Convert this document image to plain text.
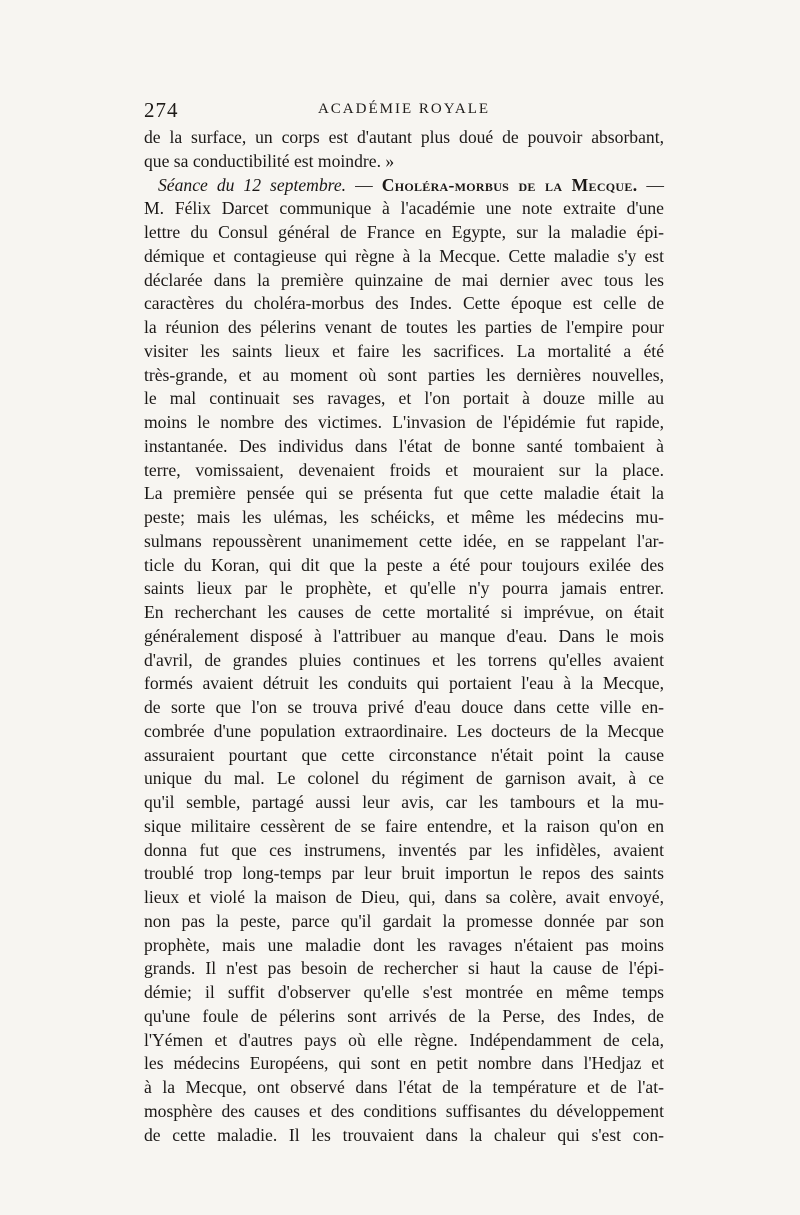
274	ACADÉMIE ROYALE
de la surface, un corps est d'autant plus doué de pouvoir absorbant,
que sa conductibilité est moindre. »
Séance du 12 septembre. — Choléra-morbus de la Mecque. —
M. Félix Darcet communique à l'académie une note extraite d'une
lettre du Consul général de France en Egypte, sur la maladie épi-
démique et contagieuse qui règne à la Mecque. Cette maladie s'y est
déclarée dans la première quinzaine de mai dernier avec tous les
caractères du choléra-morbus des Indes. Cette époque est celle de
la réunion des pélerins venant de toutes les parties de l'empire pour
visiter les saints lieux et faire les sacrifices. La mortalité a été
très-grande, et au moment où sont parties les dernières nouvelles,
le mal continuait ses ravages, et l'on portait à douze mille au
moins le nombre des victimes. L'invasion de l'épidémie fut rapide,
instantanée. Des individus dans l'état de bonne santé tombaient à
terre, vomissaient, devenaient froids et mouraient sur la place.
La première pensée qui se présenta fut que cette maladie était la
peste; mais les ulémas, les schéicks, et même les médecins mu-
sulmans repoussèrent unanimement cette idée, en se rappelant l'ar-
ticle du Koran, qui dit que la peste a été pour toujours exilée des
saints lieux par le prophète, et qu'elle n'y pourra jamais entrer.
En recherchant les causes de cette mortalité si imprévue, on était
généralement disposé à l'attribuer au manque d'eau. Dans le mois
d'avril, de grandes pluies continues et les torrens qu'elles avaient
formés avaient détruit les conduits qui portaient l'eau à la Mecque,
de sorte que l'on se trouva privé d'eau douce dans cette ville en-
combrée d'une population extraordinaire. Les docteurs de la Mecque
assuraient pourtant que cette circonstance n'était point la cause
unique du mal. Le colonel du régiment de garnison avait, à ce
qu'il semble, partagé aussi leur avis, car les tambours et la mu-
sique militaire cessèrent de se faire entendre, et la raison qu'on en
donna fut que ces instrumens, inventés par les infidèles, avaient
troublé trop long-temps par leur bruit importun le repos des saints
lieux et violé la maison de Dieu, qui, dans sa colère, avait envoyé,
non pas la peste, parce qu'il gardait la promesse donnée par son
prophète, mais une maladie dont les ravages n'étaient pas moins
grands. Il n'est pas besoin de rechercher si haut la cause de l'épi-
démie; il suffit d'observer qu'elle s'est montrée en même temps
qu'une foule de pélerins sont arrivés de la Perse, des Indes, de
l'Yémen et d'autres pays où elle règne. Indépendamment de cela,
les médecins Européens, qui sont en petit nombre dans l'Hedjaz et
à la Mecque, ont observé dans l'état de la température et de l'at-
mosphère des causes et des conditions suffisantes du développement
de cette maladie. Il les trouvaient dans la chaleur qui s'est con-
